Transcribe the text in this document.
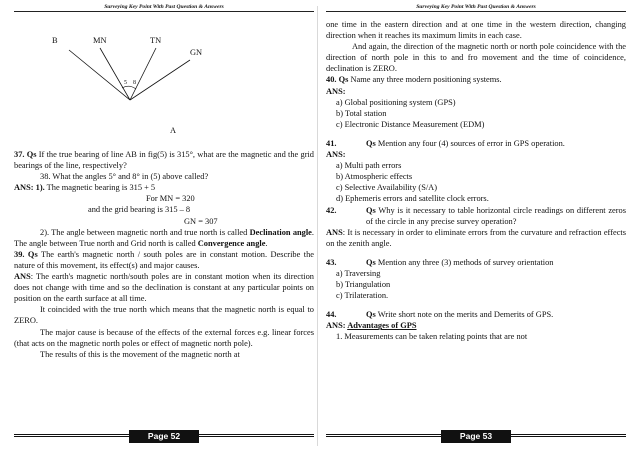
Surveying Key Point With Past Question & Answers
B	MN	TN
GN
5 8
A

37. Qs If the true bearing of line AB in fig(5) is 315°, what are the magnetic and the grid bearings of the line, respectively?

38. What the angles 5° and 8° in (5) above called?

ANS: 1). The magnetic bearing is 315 + 5

For MN = 320

and the grid bearing is 315 – 8

GN = 307

2). The angle between magnetic north and true north is called Declination angle. The angle between True north and Grid north is called Convergence angle.

39. Qs The earth's magnetic north / south poles are in constant motion. Describe the nature of this movement, its effect(s) and major causes.

ANS: The earth's magnetic north/south poles are in constant motion when its direction does not change with time and so the declination is constant at any particular points on position on the earth surface at all time.

It coincided with the true north which means that the magnetic north is equal to ZERO.

The major cause is because of the effects of the external forces e.g. linear forces (that acts on the magnetic north poles or effect of magnetic north pole).

The results of this is the movement of the magnetic north at

Page 52
Surveying Key Point With Past Question & Answers

one time in the eastern direction and at one time in the western direction, changing direction when it reaches its maximum limits in each case.

And again, the direction of the magnetic north or north pole coincidence with the direction of north pole in this to and fro movement and the time of coincidence, declination is ZERO.

40. Qs Name any three modern positioning systems.

ANS:

a) Global positioning system (GPS)

b) Total station

c) Electronic Distance Measurement (EDM)

41.	Qs Mention any four (4) sources of error in GPS operation.

ANS:

a) Multi path errors

b) Atmospheric effects

c) Selective Availability (S/A)

d) Ephemeris errors and satellite clock errors.

42.	Qs Why is it necessary to table horizontal circle readings on different zeros of the circle in any precise survey operation?

ANS: It is necessary in order to eliminate errors from the curvature and refraction effects on the zenith angle.

43.	Qs Mention any three (3) methods of survey orientation

a) Traversing

b) Triangulation

c) Trilateration.

44.	Qs Write short note on the merits and Demerits of GPS.

ANS: Advantages of GPS

1. Measurements can be taken relating points that are not

Page 53
